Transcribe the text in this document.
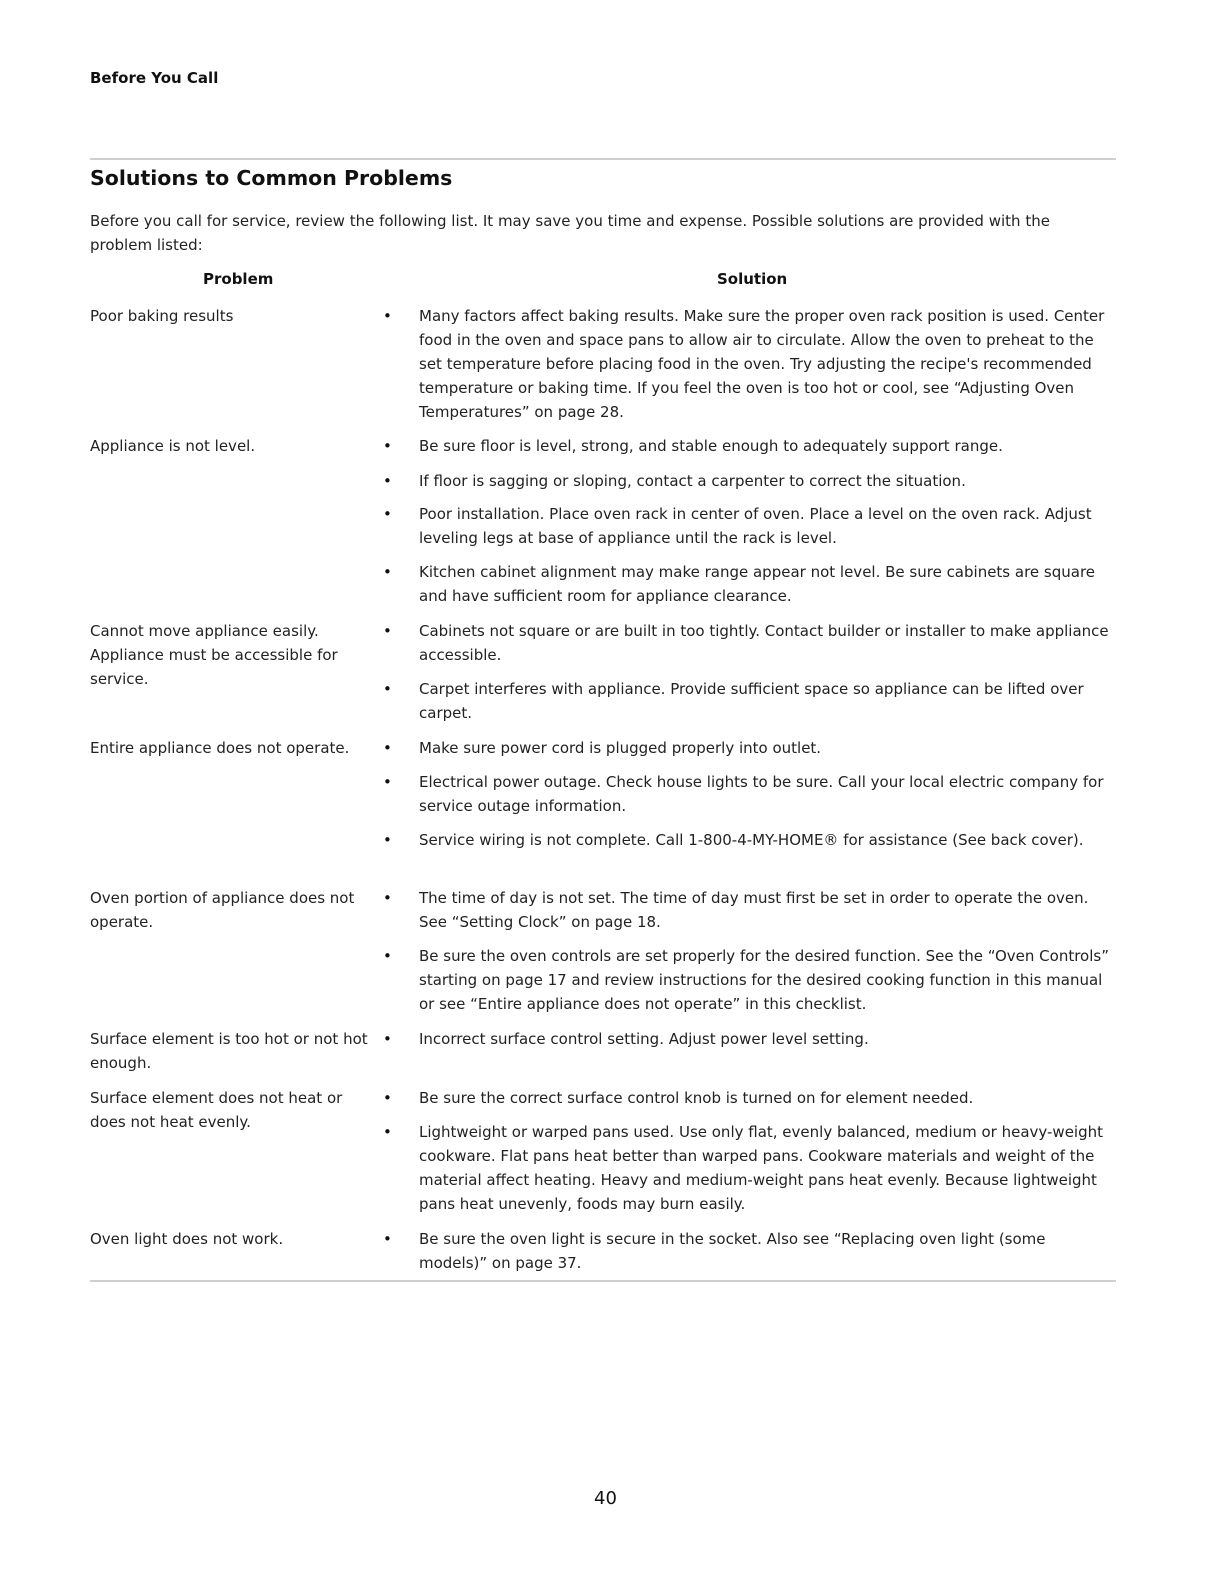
Before You Call
Solutions to Common Problems
Before you call for service, review the following list. It may save you time and expense. Possible solutions are provided with the problem listed:
Problem	Solution
Poor baking results
Appliance is not level.
Cannot move appliance easily. Appliance must be accessible for service.
Entire appliance does not operate.
Oven portion of appliance does not operate.
Surface element is too hot or not hot enough.
Surface element does not heat or does not heat evenly.
Oven light does not work.
• Many factors affect baking results. Make sure the proper oven rack position is used. Center food in the oven and space pans to allow air to circulate. Allow the oven to preheat to the set temperature before placing food in the oven. Try adjusting the recipe's recommended temperature or baking time. If you feel the oven is too hot or cool, see “Adjusting Oven Temperatures” on page 28.
• Be sure floor is level, strong, and stable enough to adequately support range.
• If floor is sagging or sloping, contact a carpenter to correct the situation.
• Poor installation. Place oven rack in center of oven. Place a level on the oven rack. Adjust leveling legs at base of appliance until the rack is level.
• Kitchen cabinet alignment may make range appear not level. Be sure cabinets are square and have sufficient room for appliance clearance.
• Cabinets not square or are built in too tightly. Contact builder or installer to make appliance accessible.
• Carpet interferes with appliance. Provide sufficient space so appliance can be lifted over carpet.
• Make sure power cord is plugged properly into outlet.
• Electrical power outage. Check house lights to be sure. Call your local electric company for service outage information.
• Service wiring is not complete. Call 1-800-4-MY-HOME® for assistance (See back cover).
• The time of day is not set. The time of day must first be set in order to operate the oven. See “Setting Clock” on page 18.
• Be sure the oven controls are set properly for the desired function. See the “Oven Controls” starting on page 17 and review instructions for the desired cooking function in this manual or see “Entire appliance does not operate” in this checklist.
• Incorrect surface control setting. Adjust power level setting.
• Be sure the correct surface control knob is turned on for element needed.
• Lightweight or warped pans used. Use only flat, evenly balanced, medium or heavy-weight cookware. Flat pans heat better than warped pans. Cookware materials and weight of the material affect heating. Heavy and medium-weight pans heat evenly. Because lightweight pans heat unevenly, foods may burn easily.
• Be sure the oven light is secure in the socket. Also see “Replacing oven light (some models)” on page 37.
40
